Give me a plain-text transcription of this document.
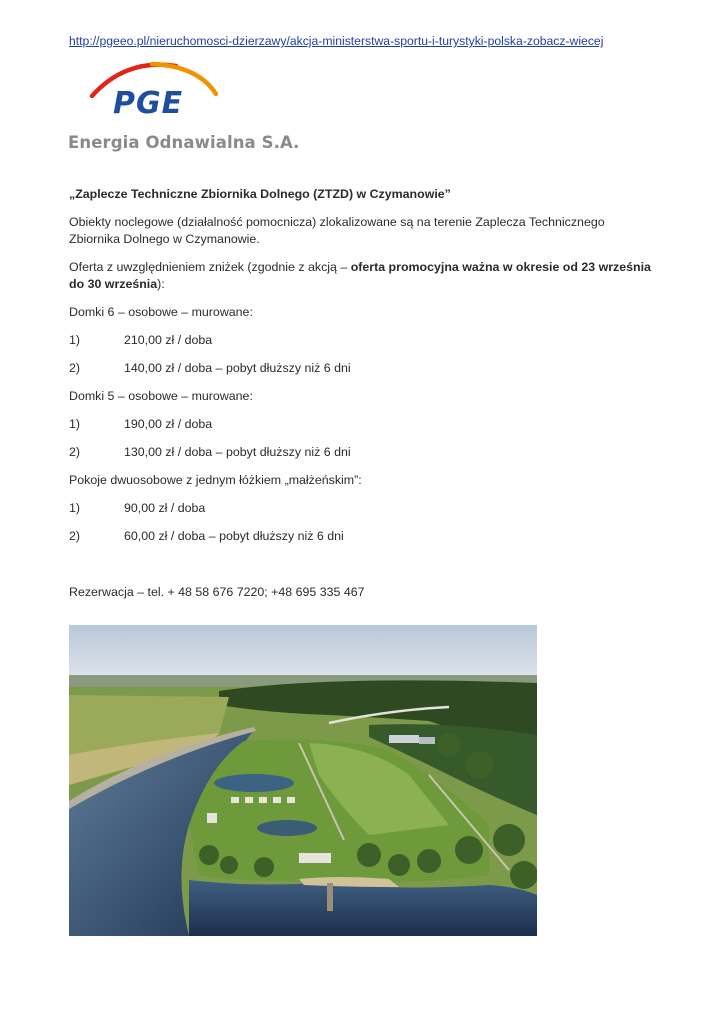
http://pgeeo.pl/nieruchomosci-dzierzawy/akcja-ministerstwa-sportu-i-turystyki-polska-zobacz-wiecej
PGE
Energia Odnawialna S.A.

„Zaplecze Techniczne Zbiornika Dolnego (ZTZD) w Czymanowie”

Obiekty noclegowe (działalność pomocnicza) zlokalizowane są na terenie Zaplecza Technicznego Zbiornika Dolnego w Czymanowie.

Oferta z uwzględnieniem zniżek (zgodnie z akcją – oferta promocyjna ważna w okresie od 23 września do 30 września):

Domki 6 – osobowe – murowane:

1)	210,00 zł / doba
2)	140,00 zł / doba – pobyt dłuższy niż 6 dni

Domki 5 – osobowe – murowane:

1)	190,00 zł / doba
2)	130,00 zł / doba – pobyt dłuższy niż 6 dni

Pokoje dwuosobowe z jednym łóżkiem „małżeńskim”:

1)	90,00 zł / doba
2)	60,00 zł / doba – pobyt dłuższy niż 6 dni

Rezerwacja – tel. + 48 58 676 7220; +48 695 335 467
